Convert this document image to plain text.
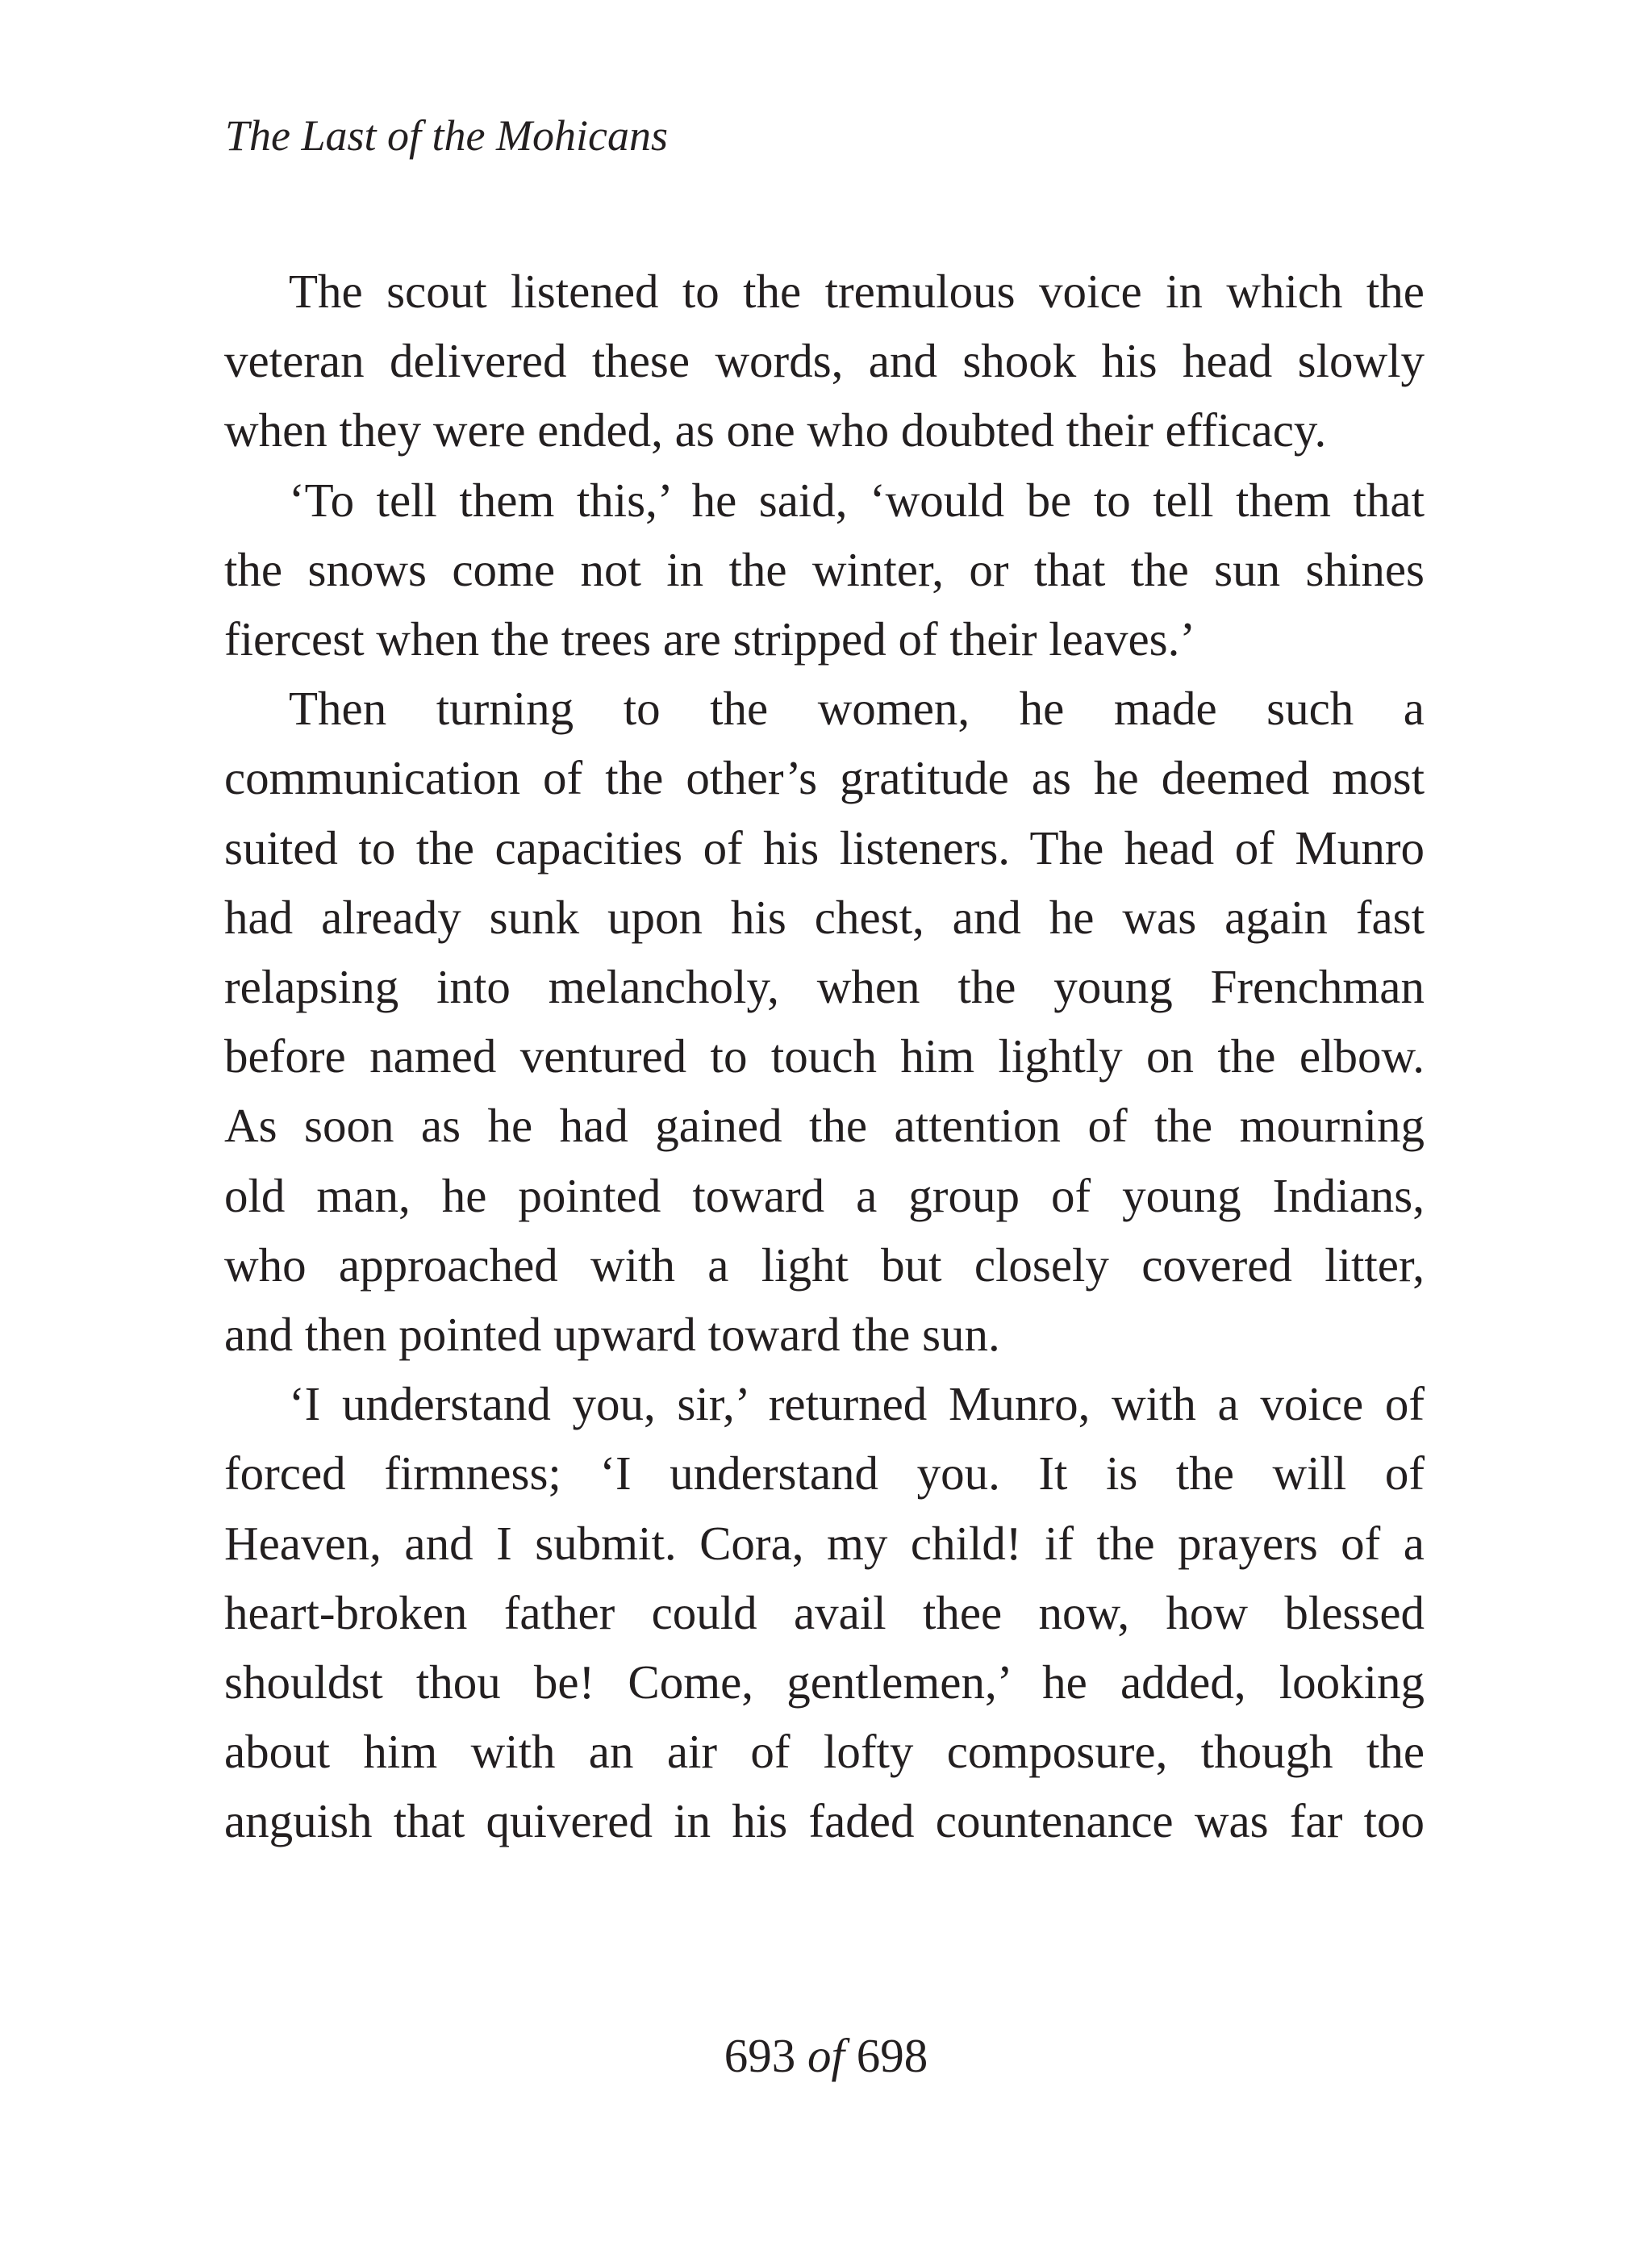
The Last of the Mohicans

The scout listened to the tremulous voice in which the
veteran delivered these words, and shook his head slowly
when they were ended, as one who doubted their efficacy.

‘To tell them this,’ he said, ‘would be to tell them that
the snows come not in the winter, or that the sun shines
fiercest when the trees are stripped of their leaves.’

Then turning to the women, he made such a
communication of the other’s gratitude as he deemed most
suited to the capacities of his listeners. The head of Munro
had already sunk upon his chest, and he was again fast
relapsing into melancholy, when the young Frenchman
before named ventured to touch him lightly on the elbow.
As soon as he had gained the attention of the mourning
old man, he pointed toward a group of young Indians,
who approached with a light but closely covered litter,
and then pointed upward toward the sun.

‘I understand you, sir,’ returned Munro, with a voice of
forced firmness; ‘I understand you. It is the will of
Heaven, and I submit. Cora, my child! if the prayers of a
heart-broken father could avail thee now, how blessed
shouldst thou be! Come, gentlemen,’ he added, looking
about him with an air of lofty composure, though the
anguish that quivered in his faded countenance was far too

693 of 698
